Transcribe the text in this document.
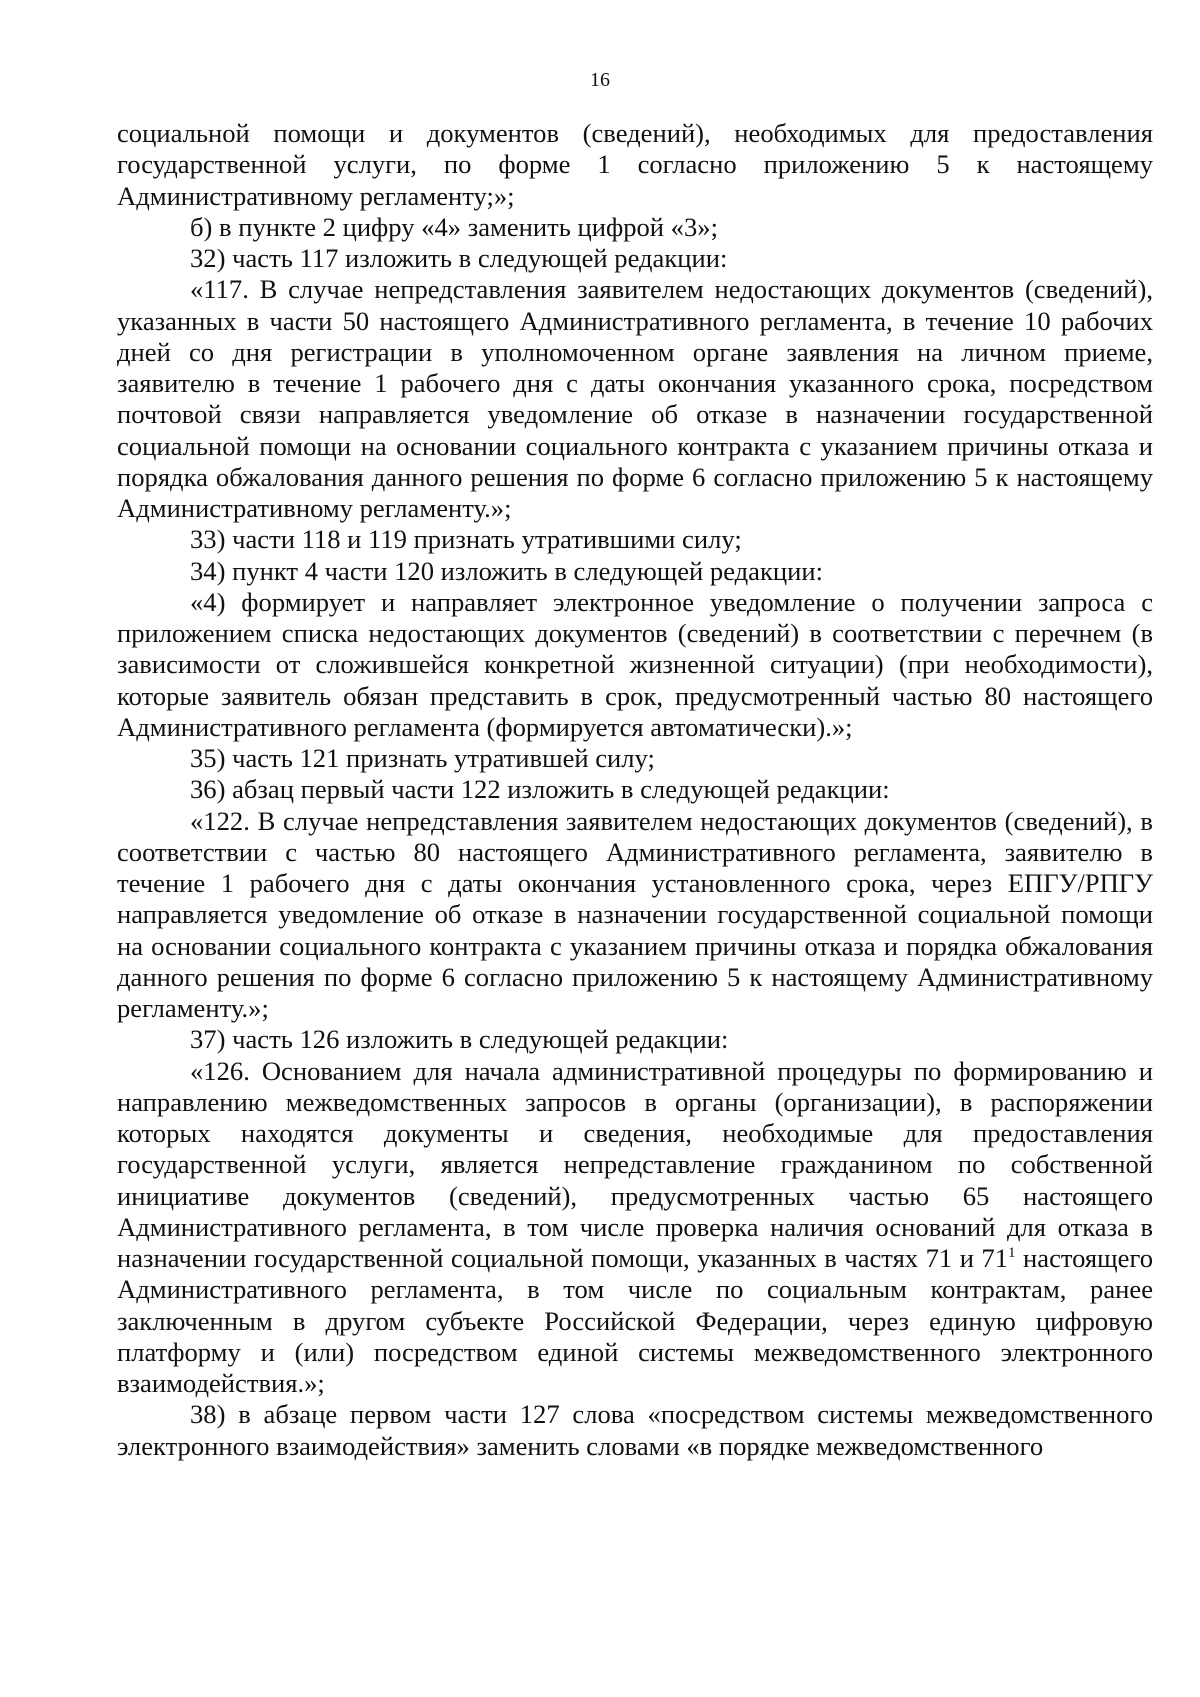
16

социальной помощи и документов (сведений), необходимых для предоставления государственной услуги, по форме 1 согласно приложению 5 к настоящему Административному регламенту;»;

б) в пункте 2 цифру «4» заменить цифрой «3»;

32) часть 117 изложить в следующей редакции:

«117. В случае непредставления заявителем недостающих документов (сведений), указанных в части 50 настоящего Административного регламента, в течение 10 рабочих дней со дня регистрации в уполномоченном органе заявления на личном приеме, заявителю в течение 1 рабочего дня с даты окончания указанного срока, посредством почтовой связи направляется уведомление об отказе в назначении государственной социальной помощи на основании социального контракта с указанием причины отказа и порядка обжалования данного решения по форме 6 согласно приложению 5 к настоящему Административному регламенту.»;

33) части 118 и 119 признать утратившими силу;

34) пункт 4 части 120 изложить в следующей редакции:

«4) формирует и направляет электронное уведомление о получении запроса с приложением списка недостающих документов (сведений) в соответствии с перечнем (в зависимости от сложившейся конкретной жизненной ситуации) (при необходимости), которые заявитель обязан представить в срок, предусмотренный частью 80 настоящего Административного регламента (формируется автоматически).»;

35) часть 121 признать утратившей силу;

36) абзац первый части 122 изложить в следующей редакции:

«122. В случае непредставления заявителем недостающих документов (сведений), в соответствии с частью 80 настоящего Административного регламента, заявителю в течение 1 рабочего дня с даты окончания установленного срока, через ЕПГУ/РПГУ направляется уведомление об отказе в назначении государственной социальной помощи на основании социального контракта с указанием причины отказа и порядка обжалования данного решения по форме 6 согласно приложению 5 к настоящему Административному регламенту.»;

37) часть 126 изложить в следующей редакции:

«126. Основанием для начала административной процедуры по формированию и направлению межведомственных запросов в органы (организации), в распоряжении которых находятся документы и сведения, необходимые для предоставления государственной услуги, является непредставление гражданином по собственной инициативе документов (сведений), предусмотренных частью 65 настоящего Административного регламента, в том числе проверка наличия оснований для отказа в назначении государственной социальной помощи, указанных в частях 71 и $71^1$ настоящего Административного регламента, в том числе по социальным контрактам, ранее заключенным в другом субъекте Российской Федерации, через единую цифровую платформу и (или) посредством единой системы межведомственного электронного взаимодействия.»;

38) в абзаце первом части 127 слова «посредством системы межведомственного электронного взаимодействия» заменить словами «в порядке межведомственного
